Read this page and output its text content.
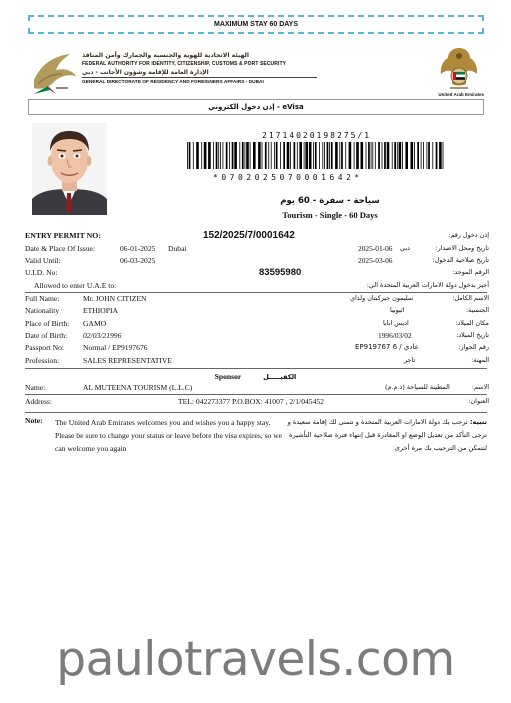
MAXIMUM STAY 60 DAYS
الهيئة الاتحادية للهوية والجنسية والجمارك وأمن المنافذ
FEDERAL AUTHORITY FOR IDENTITY, CITIZENSHIP, CUSTOMS & PORT SECURITY
الإدارة العامة للإقامة وشؤون الأجانب - دبي
GENERAL DIRECTORATE OF RESIDENCY AND FOREIGNERS AFFAIRS - DUBAI
United Arab Emirates
إذن دخول الكتروني - eVisa
21714020198275/1
*0702025070001642*
سياحة - سفرة - 60 يوم
Tourism - Single - 60 Days
ENTRY PERMIT NO:	152/2025/7/0001642	إذن دخول رقم:
Date & Place Of Issue:	06-01-2025 Dubai	2025-01-06 دبي	تاريخ ومحل الاصدار:
Valid Until:	06-03-2025	2025-03-06	تاريخ صلاحية الدخول:
U.I.D. No:	83595980	الرقم الموحد:
Allowed to enter U.A.E to:	أجيز بدخول دولة الامارات العربية المتحدة الي:
Full Name:	Mr. JOHN CITIZEN	سليمون جيركبتان ولداي	الاسم الكامل:
Nationality	ETHIOPIA	اثيوبيا	الجنسية:
Place of Birth: GAMO	اديس ابابا	مكان الميلاد:
Date of Birth: 02/03/21996	1996/03/02	تاريخ الميلاد:
Passport No: Normal / EP9197676	عادي / EP919767 6	رقم الجواز:
Profession:	SALES REPRESENTATIVE	تاجر	المهنة:
Sponsor	الكفيـــــل
Name:	AL MUTEENA TOURISM (L.L.C)	المطينة للسياحة (ذ.م.م)	الاسم:
Address:	TEL: 042273377 P.O.BOX: 41007 , 2/1/045452	العنوان:
Note: The United Arab Emirates welcomes you and wishes you a happy stay. Please be sure to change your status or leave before the visa expires, so we can welcome you again
تنبيه: ترحب بك دولة الامارات العربية المتحدة و تتمنى لك إقامة سعيدة و ترجى التأكد من تعديل الوضع او المغادرة قبل إنتهاء فترة صلاحية التأشيرة لنتمكن من الترحيب بك مرة أخرى
paulotravels.com
